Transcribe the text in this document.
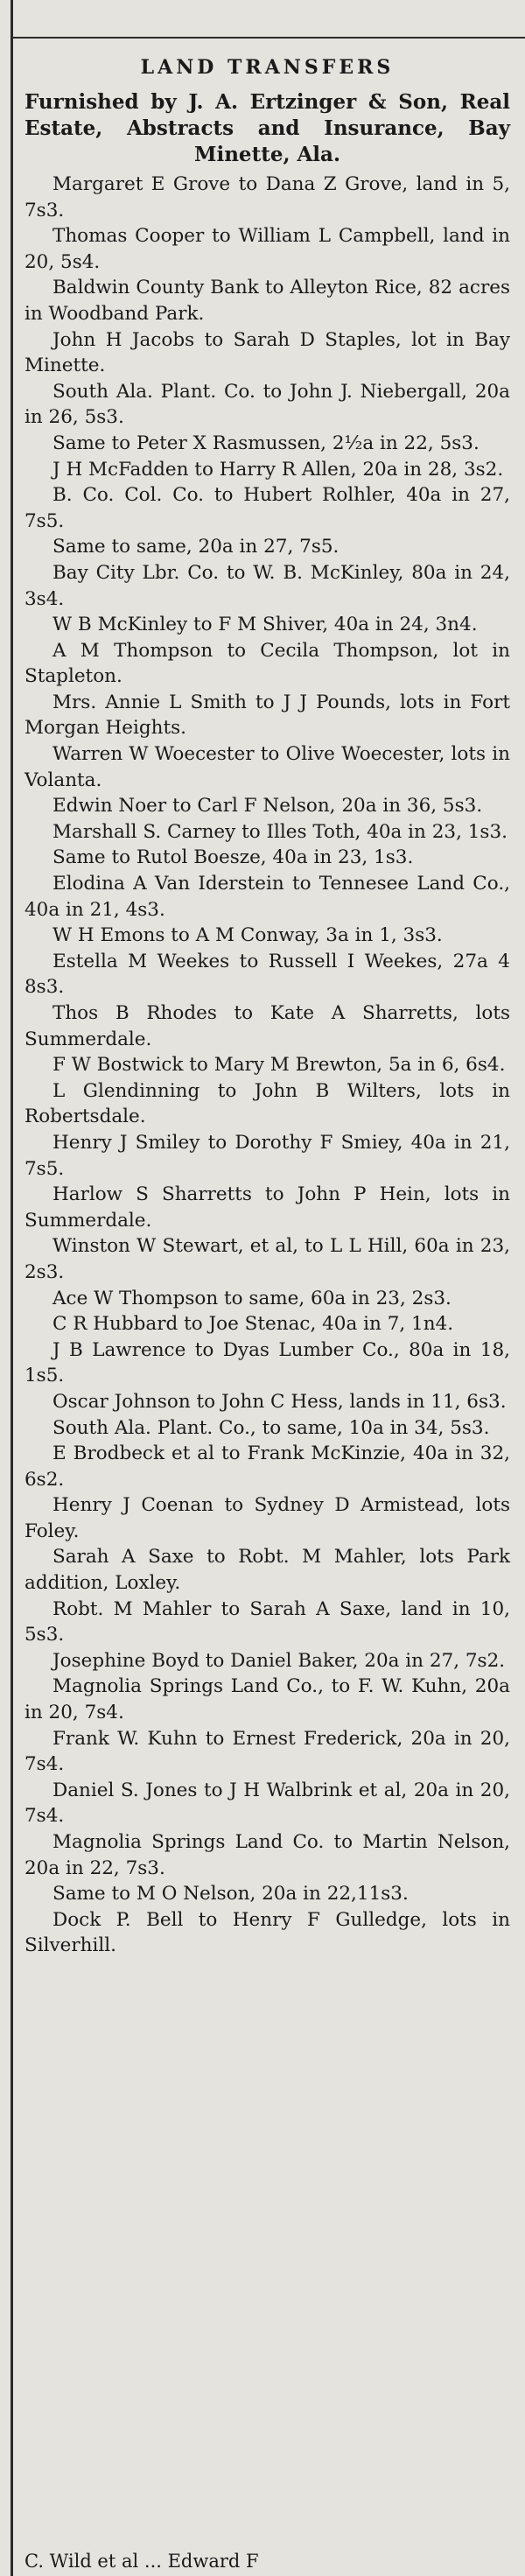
LAND TRANSFERS

Furnished by J. A. Ertzinger & Son, Real Estate, Abstracts and Insurance, Bay Minette, Ala.

Margaret E Grove to Dana Z Grove, land in 5, 7s3.

Thomas Cooper to William L Campbell, land in 20, 5s4.

Baldwin County Bank to Alleyton Rice, 82 acres in Woodband Park.

John H Jacobs to Sarah D Staples, lot in Bay Minette.

South Ala. Plant. Co. to John J. Niebergall, 20a in 26, 5s3.

Same to Peter X Rasmussen, 2½a in 22, 5s3.

J H McFadden to Harry R Allen, 20a in 28, 3s2.

B. Co. Col. Co. to Hubert Rolhler, 40a in 27, 7s5.

Same to same, 20a in 27, 7s5.

Bay City Lbr. Co. to W. B. McKinley, 80a in 24, 3s4.

W B McKinley to F M Shiver, 40a in 24, 3n4.

A M Thompson to Cecila Thompson, lot in Stapleton.

Mrs. Annie L Smith to J J Pounds, lots in Fort Morgan Heights.

Warren W Woecester to Olive Woecester, lots in Volanta.

Edwin Noer to Carl F Nelson, 20a in 36, 5s3.

Marshall S. Carney to Illes Toth, 40a in 23, 1s3.

Same to Rutol Boesze, 40a in 23, 1s3.

Elodina A Van Iderstein to Tennesee Land Co., 40a in 21, 4s3.

W H Emons to A M Conway, 3a in 1, 3s3.

Estella M Weekes to Russell I Weekes, 27a 4 8s3.

Thos B Rhodes to Kate A Sharretts, lots Summerdale.

F W Bostwick to Mary M Brewton, 5a in 6, 6s4.

L Glendinning to John B Wilters, lots in Robertsdale.

Henry J Smiley to Dorothy F Smiey, 40a in 21, 7s5.

Harlow S Sharretts to John P Hein, lots in Summerdale.

Winston W Stewart, et al, to L L Hill, 60a in 23, 2s3.

Ace W Thompson to same, 60a in 23, 2s3.

C R Hubbard to Joe Stenac, 40a in 7, 1n4.

J B Lawrence to Dyas Lumber Co., 80a in 18, 1s5.

Oscar Johnson to John C Hess, lands in 11, 6s3.

South Ala. Plant. Co., to same, 10a in 34, 5s3.

E Brodbeck et al to Frank McKinzie, 40a in 32, 6s2.

Henry J Coenan to Sydney D Armistead, lots Foley.

Sarah A Saxe to Robt. M Mahler, lots Park addition, Loxley.

Robt. M Mahler to Sarah A Saxe, land in 10, 5s3.

Josephine Boyd to Daniel Baker, 20a in 27, 7s2.

Magnolia Springs Land Co., to F. W. Kuhn, 20a in 20, 7s4.

Frank W. Kuhn to Ernest Frederick, 20a in 20, 7s4.

Daniel S. Jones to J H Walbrink et al, 20a in 20, 7s4.

Magnolia Springs Land Co. to Martin Nelson, 20a in 22, 7s3.

Same to M O Nelson, 20a in 22,11s3.

Dock P. Bell to Henry F Gulledge, lots in Silverhill.

C. Wild et al ... Edward F
